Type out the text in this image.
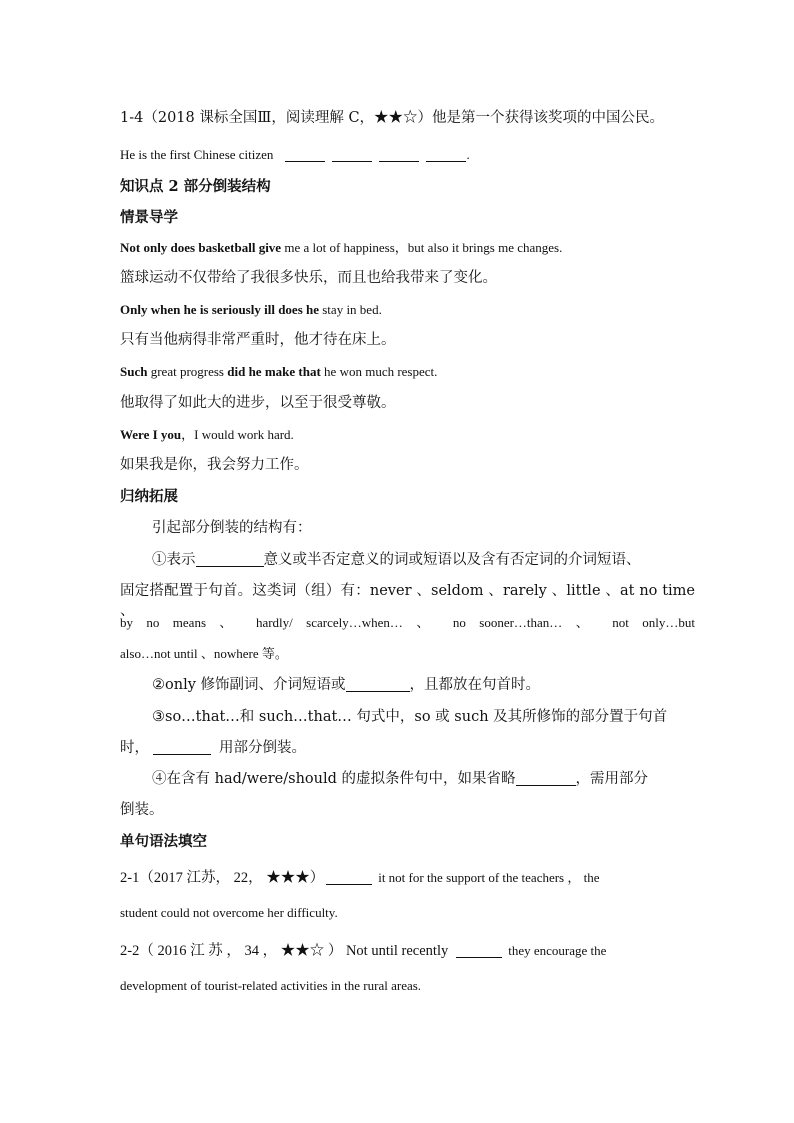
1-4（2018 课标全国Ⅲ，阅读理解 C，★★☆）他是第一个获得该奖项的中国公民。
He is the first Chinese citizen	.
知识点 2 部分倒装结构
情景导学
Not only does basketball give me a lot of happiness，but also it brings me changes.
篮球运动不仅带给了我很多快乐，而且也给我带来了变化。
Only when he is seriously ill does he stay in bed.
只有当他病得非常严重时，他才待在床上。
Such great progress did he make that he won much respect.
他取得了如此大的进步，以至于很受尊敬。
Were I you，I would work hard.
如果我是你，我会努力工作。
归纳拓展
引起部分倒装的结构有：
①表示	意义或半否定意义的词或短语以及含有否定词的介词短语、
固定搭配置于句首。这类词（组）有：never 、seldom 、rarely 、little 、at no time 、
by no means 、 hardly/ scarcely…when… 、 no sooner…than… 、 not only…but
also…not until 、nowhere 等。
②only 修饰副词、介词短语或	，且都放在句首时。
③so…that…和 such…that… 句式中，so 或 such 及其所修饰的部分置于句首
时，	用部分倒装。
④在含有 had/were/should 的虚拟条件句中，如果省略	，需用部分
倒装。
单句语法填空
2-1（2017 江苏， 22， ★★★）	it not for the support of the teachers ， the
student could not overcome her difficulty.
2-2（ 2016 江 苏 ， 34 ， ★★☆ ） Not until recently	they encourage the
development of tourist-related activities in the rural areas.
